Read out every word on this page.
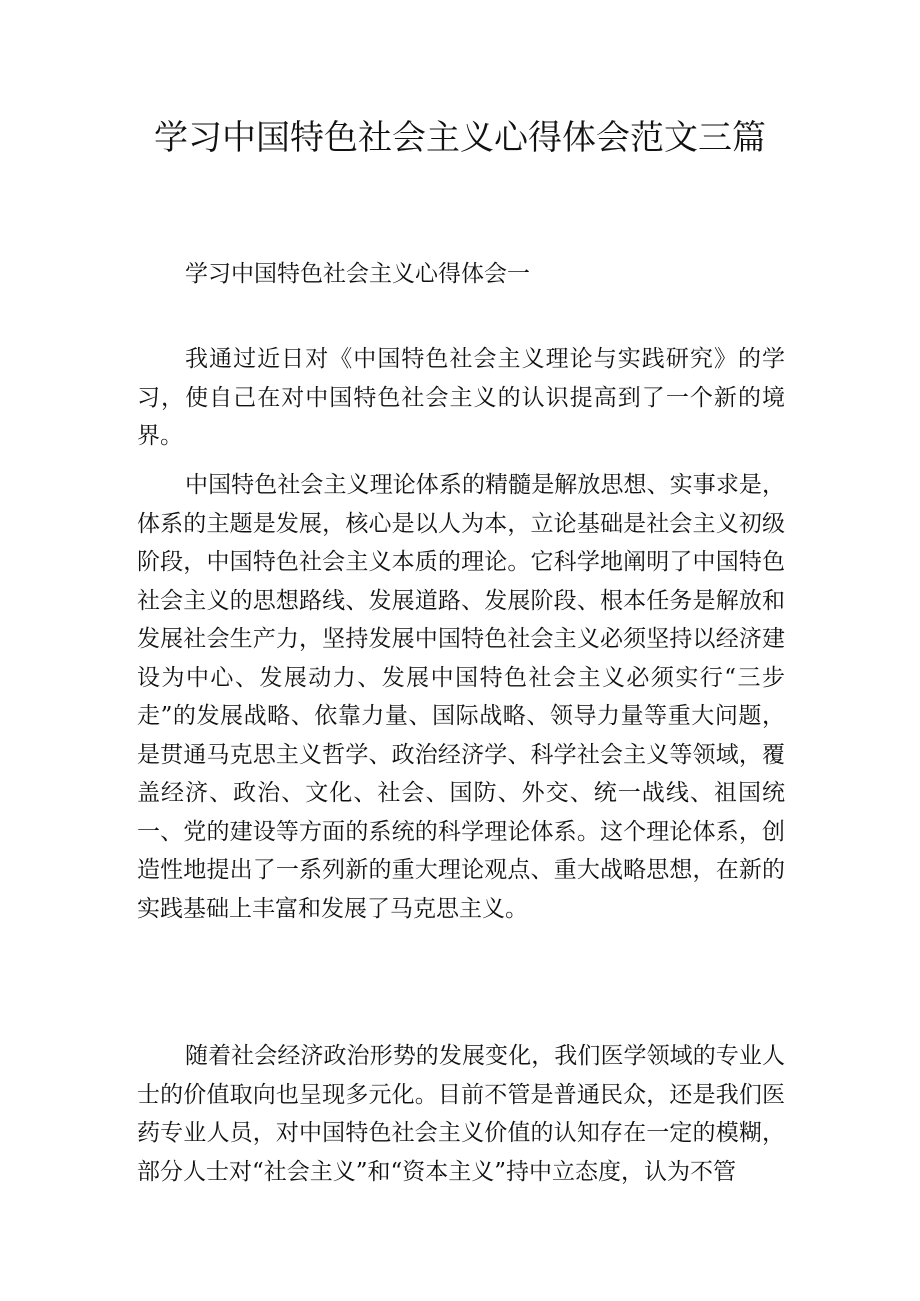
学习中国特色社会主义心得体会范文三篇
学习中国特色社会主义心得体会一

我通过近日对《中国特色社会主义理论与实践研究》的学习，使自己在对中国特色社会主义的认识提高到了一个新的境界。

中国特色社会主义理论体系的精髓是解放思想、实事求是，体系的主题是发展，核心是以人为本，立论基础是社会主义初级阶段，中国特色社会主义本质的理论。它科学地阐明了中国特色社会主义的思想路线、发展道路、发展阶段、根本任务是解放和发展社会生产力，坚持发展中国特色社会主义必须坚持以经济建设为中心、发展动力、发展中国特色社会主义必须实行“三步走”的发展战略、依靠力量、国际战略、领导力量等重大问题，是贯通马克思主义哲学、政治经济学、科学社会主义等领域，覆盖经济、政治、文化、社会、国防、外交、统一战线、祖国统一、党的建设等方面的系统的科学理论体系。这个理论体系，创造性地提出了一系列新的重大理论观点、重大战略思想，在新的实践基础上丰富和发展了马克思主义。

随着社会经济政治形势的发展变化，我们医学领域的专业人士的价值取向也呈现多元化。目前不管是普通民众，还是我们医药专业人员，对中国特色社会主义价值的认知存在一定的模糊，部分人士对“社会主义”和“资本主义”持中立态度，认为不管
